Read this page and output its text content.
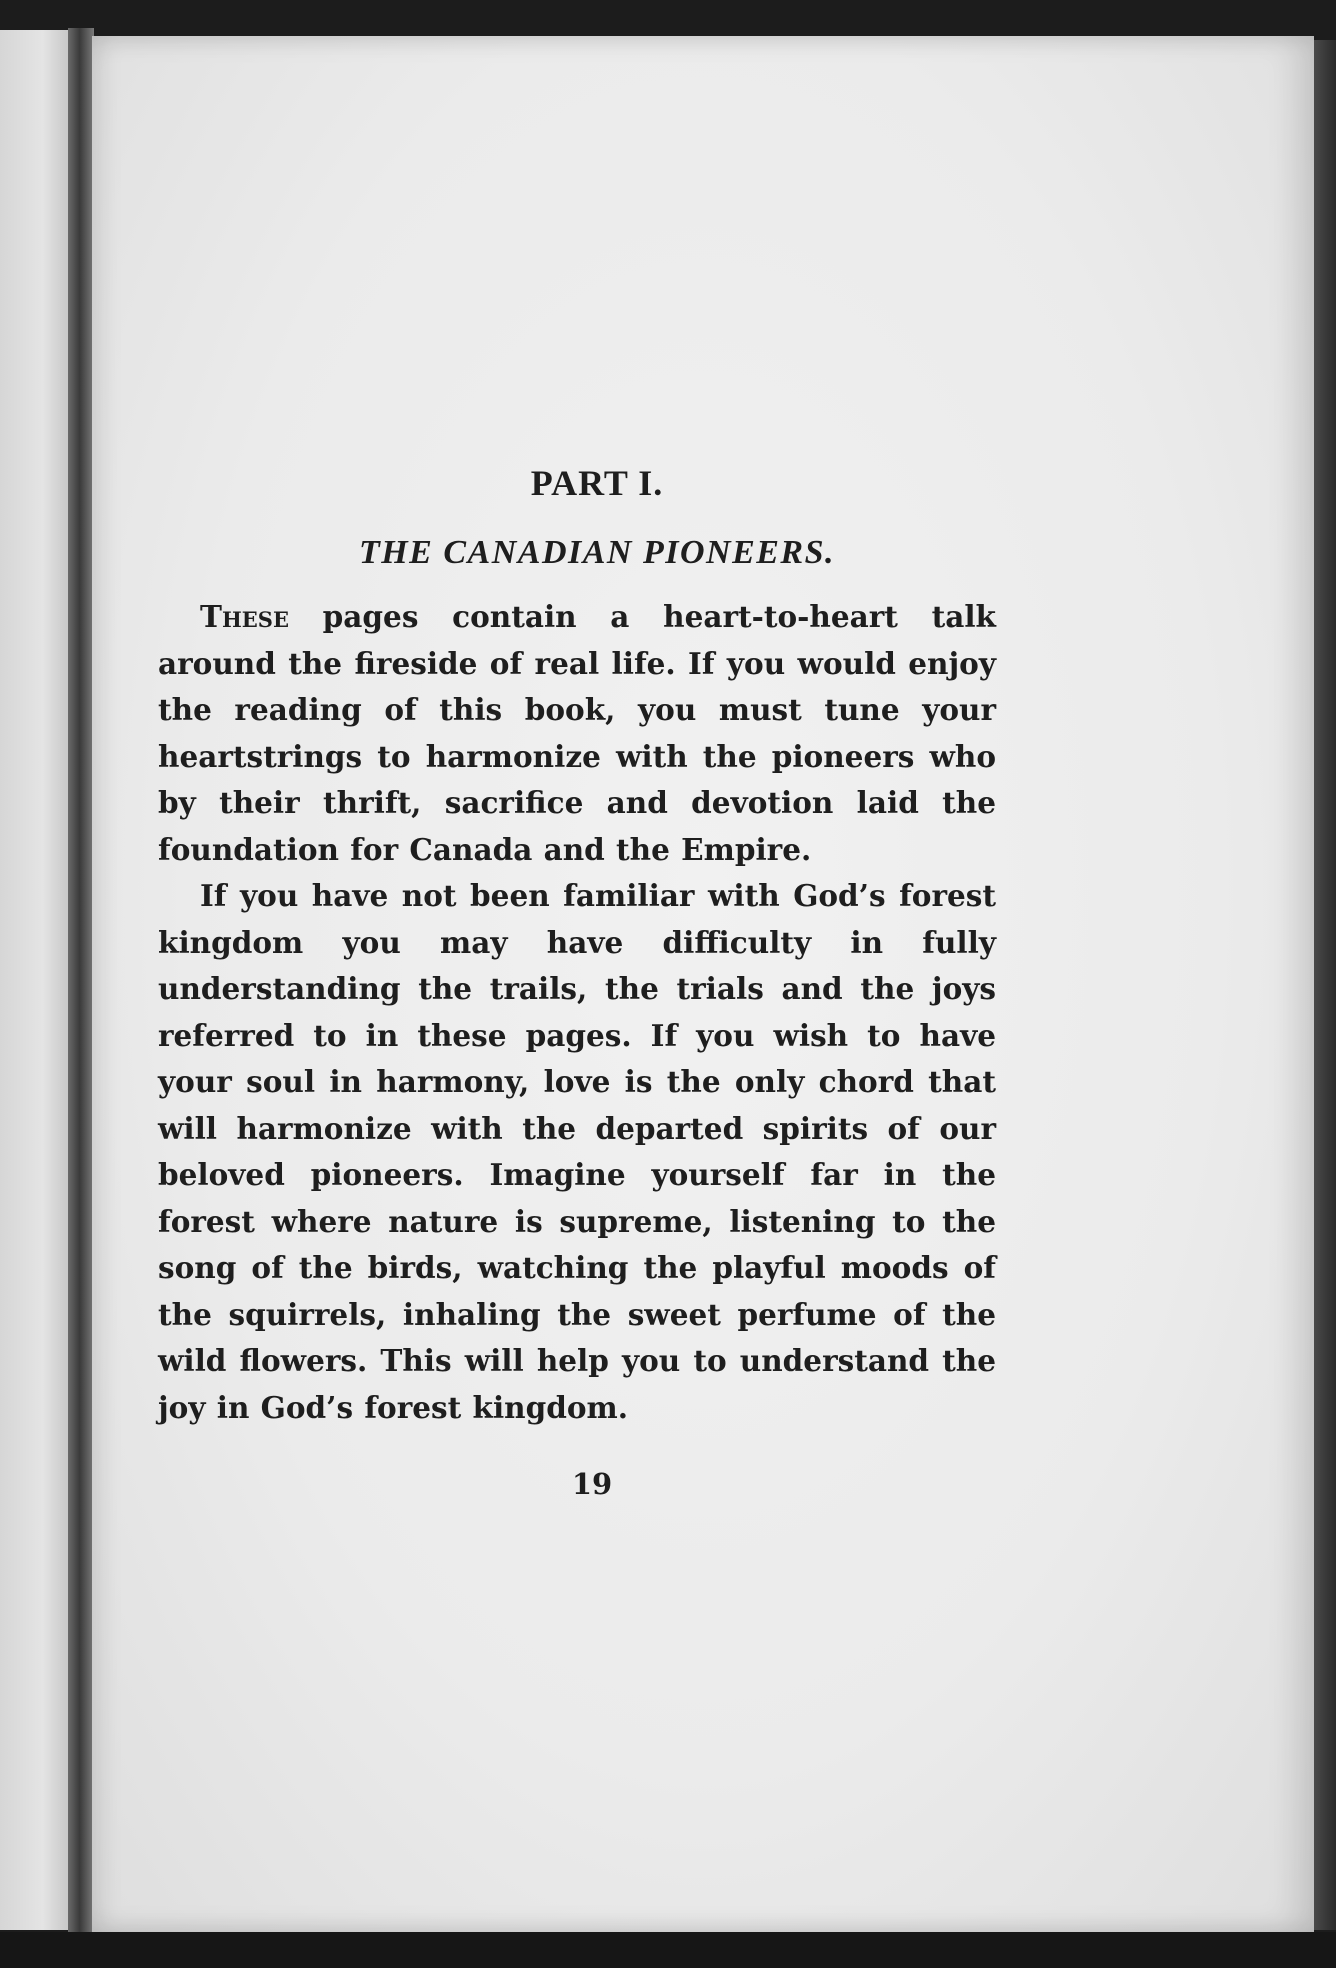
PART I.
THE CANADIAN PIONEERS.

These pages contain a heart-to-heart talk around the fireside of real life. If you would enjoy the reading of this book, you must tune your heartstrings to harmonize with the pioneers who by their thrift, sacrifice and devotion laid the foundation for Canada and the Empire.

If you have not been familiar with God’s forest kingdom you may have difficulty in fully understanding the trails, the trials and the joys referred to in these pages. If you wish to have your soul in harmony, love is the only chord that will harmonize with the departed spirits of our beloved pioneers. Imagine yourself far in the forest where nature is supreme, listening to the song of the birds, watching the playful moods of the squirrels, inhaling the sweet perfume of the wild flowers. This will help you to understand the joy in God’s forest kingdom.

19
